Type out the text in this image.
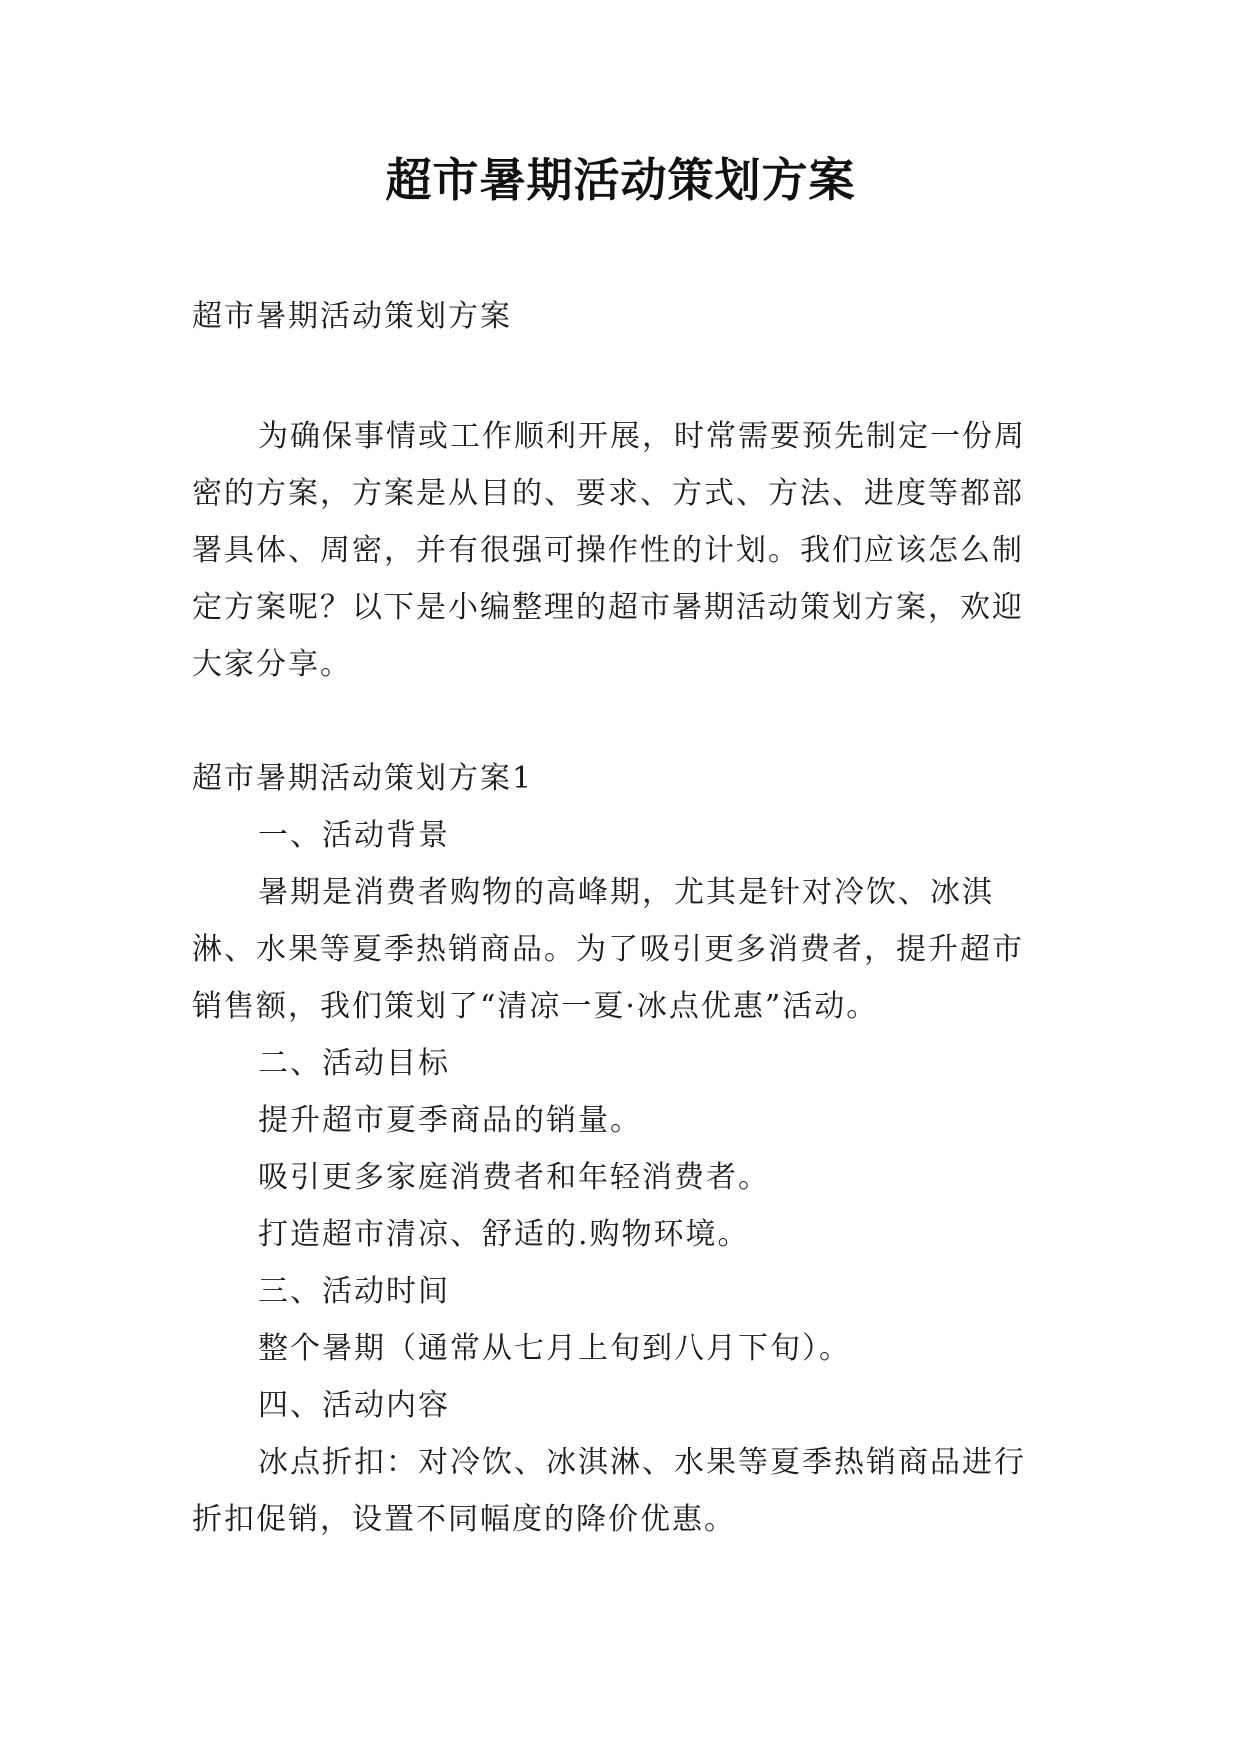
超市暑期活动策划方案

超市暑期活动策划方案

为确保事情或工作顺利开展，时常需要预先制定一份周密的方案，方案是从目的、要求、方式、方法、进度等都部署具体、周密，并有很强可操作性的计划。我们应该怎么制定方案呢？以下是小编整理的超市暑期活动策划方案，欢迎大家分享。

超市暑期活动策划方案1

一、活动背景

暑期是消费者购物的高峰期，尤其是针对冷饮、冰淇淋、水果等夏季热销商品。为了吸引更多消费者，提升超市销售额，我们策划了“清凉一夏·冰点优惠”活动。

二、活动目标

提升超市夏季商品的销量。

吸引更多家庭消费者和年轻消费者。

打造超市清凉、舒适的.购物环境。

三、活动时间

整个暑期（通常从七月上旬到八月下旬）。

四、活动内容

冰点折扣：对冷饮、冰淇淋、水果等夏季热销商品进行折扣促销，设置不同幅度的降价优惠。
